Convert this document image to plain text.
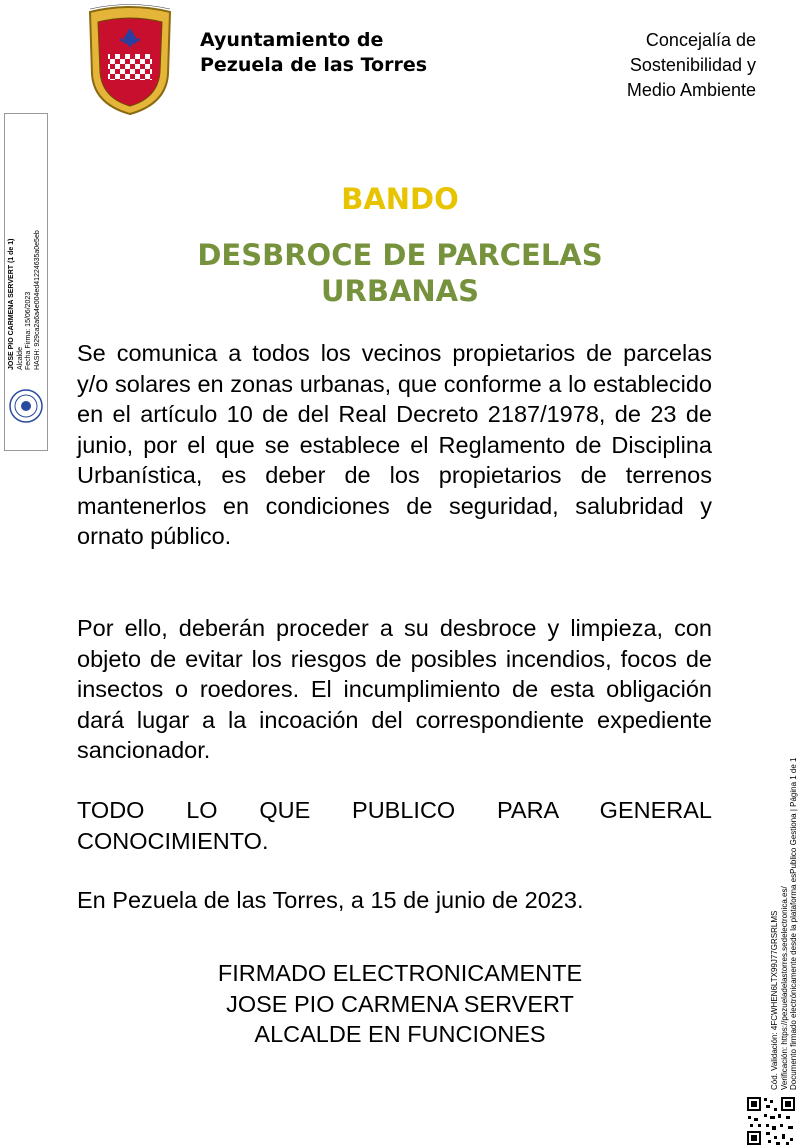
Ayuntamiento de
Pezuela de las Torres
Concejalía de
Sostenibilidad y
Medio Ambiente
JOSE PIO CARMENA SERVERT (1 de 1) Alcalde Fecha Firma: 15/06/2023 HASH: 929ca2a6a4e004ed41224635a0e5eb
BANDO
DESBROCE DE PARCELAS
URBANAS
Se comunica a todos los vecinos propietarios de parcelas y/o solares en zonas urbanas, que conforme a lo establecido en el artículo 10 de del Real Decreto 2187/1978, de 23 de junio, por el que se establece el Reglamento de Disciplina Urbanística, es deber de los propietarios de terrenos mantenerlos en condiciones de seguridad, salubridad y ornato público.
Por ello, deberán proceder a su desbroce y limpieza, con objeto de evitar los riesgos de posibles incendios, focos de insectos o roedores. El incumplimiento de esta obligación dará lugar a la incoación del correspondiente expediente sancionador.
TODO LO QUE PUBLICO PARA GENERAL CONOCIMIENTO.
En Pezuela de las Torres, a 15 de junio de 2023.
FIRMADO ELECTRONICAMENTE
JOSE PIO CARMENA SERVERT
ALCALDE EN FUNCIONES	Cód. Validación: 4FCWHEN6LTX99J77GRSRLMS Verificación: https://pezueladelastorres.sedelectronica.es/ Documento firmado electrónicamente desde la plataforma esPublico Gestiona | Página 1 de 1
